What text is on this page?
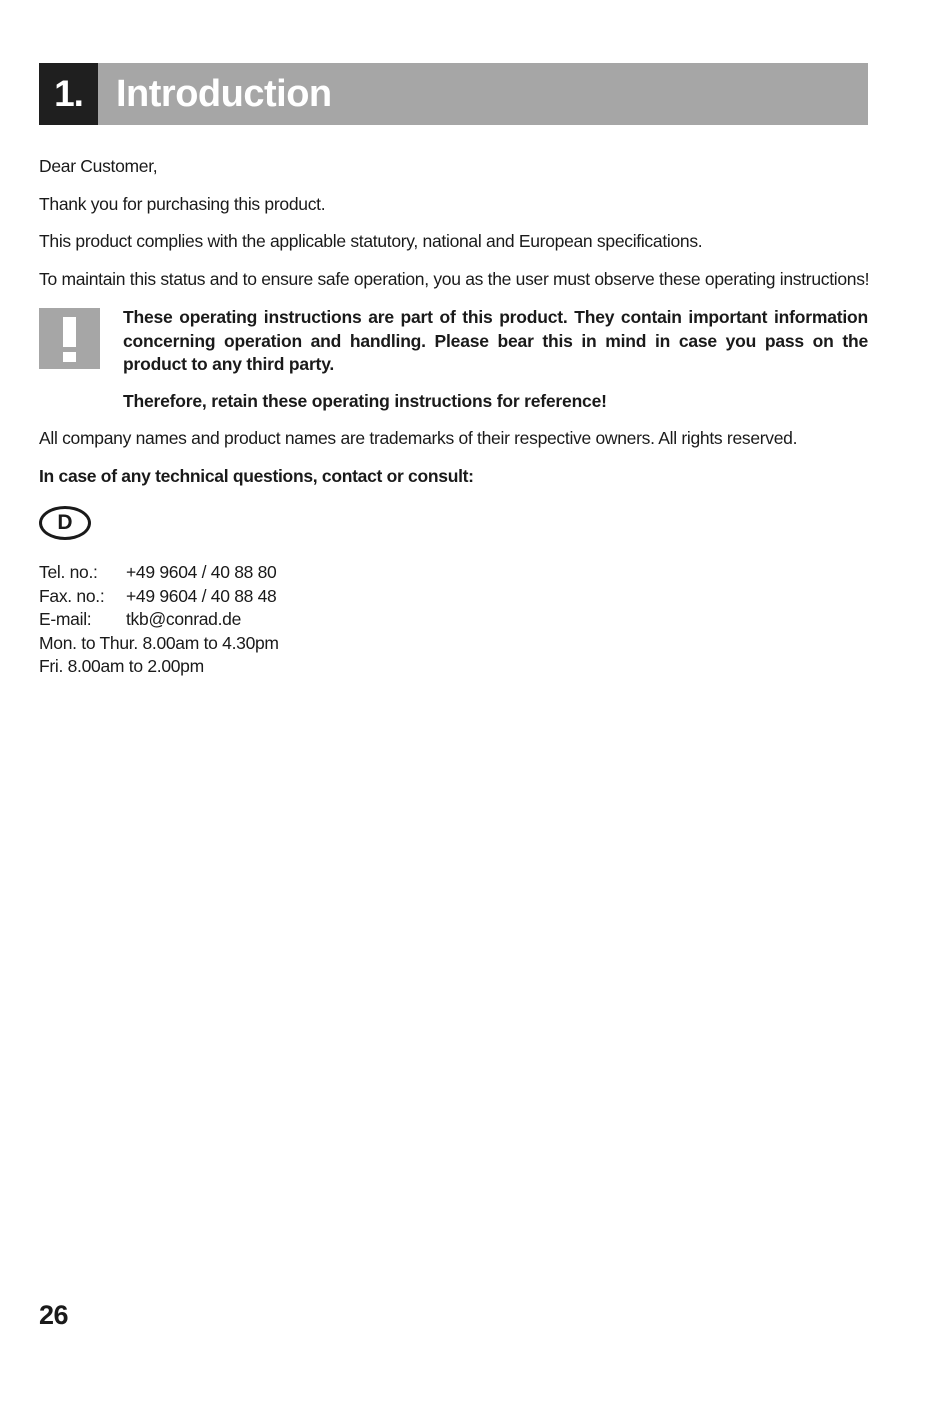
1. Introduction
Dear Customer,
Thank you for purchasing this product.
This product complies with the applicable statutory, national and European specifications.
To maintain this status and to ensure safe operation, you as the user must observe these operating instructions!
These operating instructions are part of this product. They contain important information concerning operation and handling. Please bear this in mind in case you pass on the product to any third party.
Therefore, retain these operating instructions for reference!
All company names and product names are trademarks of their respective owners. All rights reserved.
In case of any technical questions, contact or consult:
D
Tel. no.:	+49 9604 / 40 88 80
Fax. no.:	+49 9604 / 40 88 48
E-mail:	tkb@conrad.de
Mon. to Thur. 8.00am to 4.30pm
Fri. 8.00am to 2.00pm
26
